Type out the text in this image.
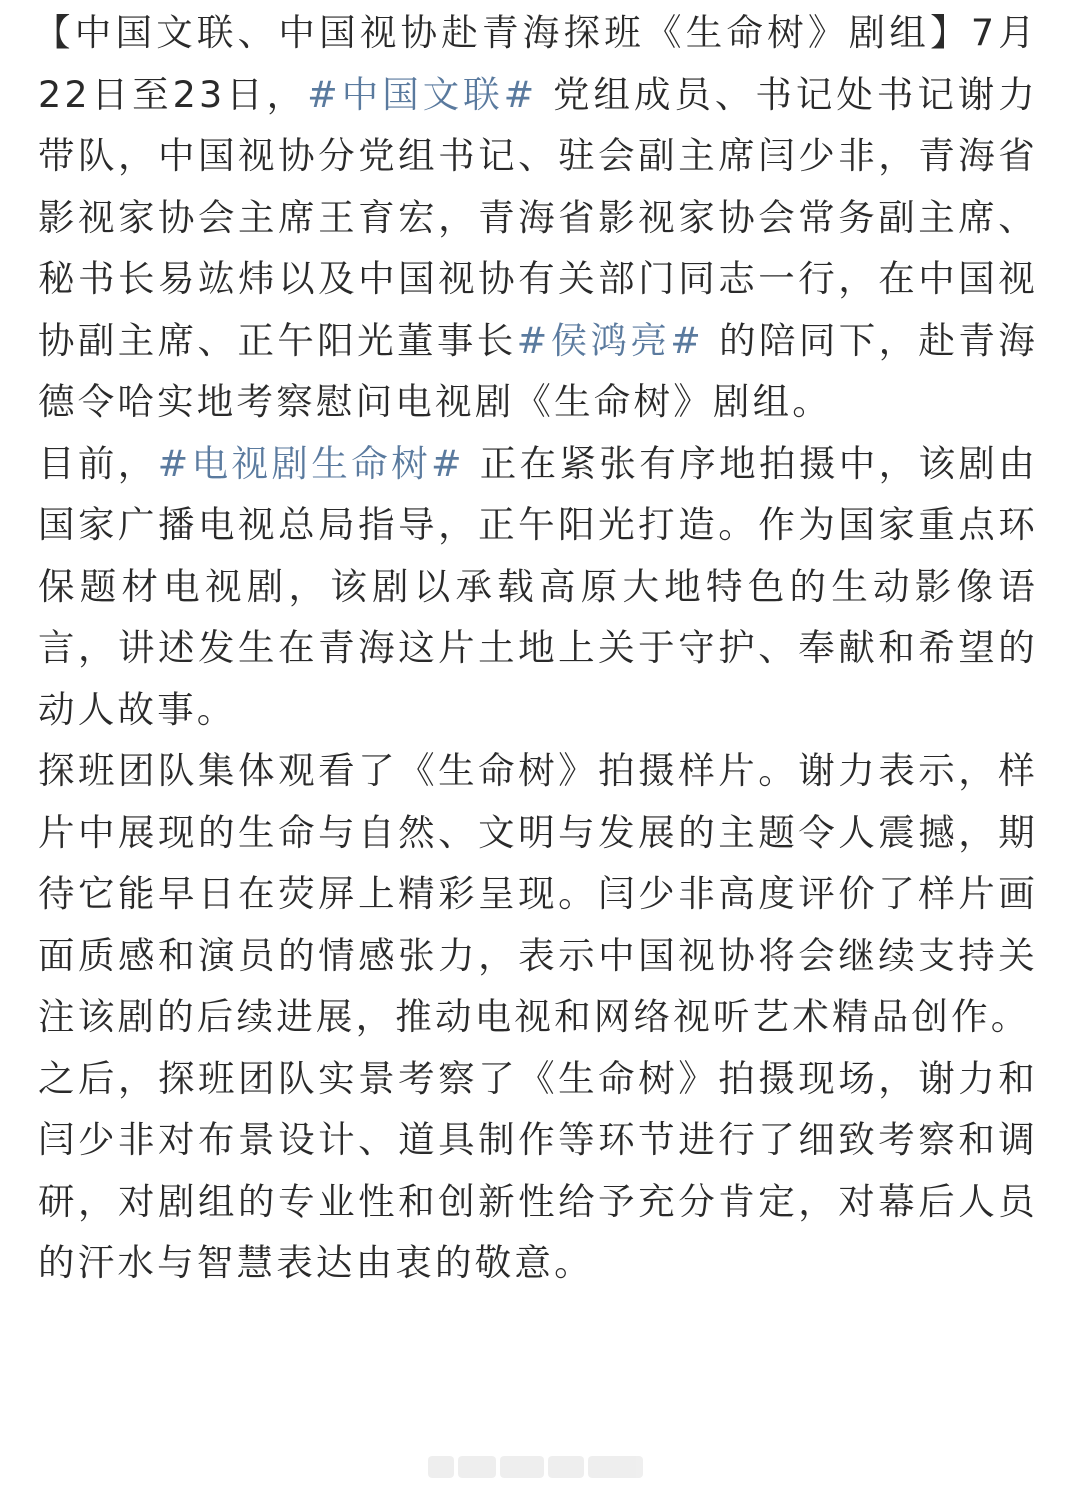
【中国文联、中国视协赴青海探班《生命树》剧组】7月22日至23日，#中国文联# 党组成员、书记处书记谢力带队，中国视协分党组书记、驻会副主席闫少非，青海省影视家协会主席王育宏，青海省影视家协会常务副主席、秘书长易竑炜以及中国视协有关部门同志一行，在中国视协副主席、正午阳光董事长#侯鸿亮# 的陪同下，赴青海德令哈实地考察慰问电视剧《生命树》剧组。

目前，#电视剧生命树# 正在紧张有序地拍摄中，该剧由国家广播电视总局指导，正午阳光打造。作为国家重点环保题材电视剧，该剧以承载高原大地特色的生动影像语言，讲述发生在青海这片土地上关于守护、奉献和希望的动人故事。

探班团队集体观看了《生命树》拍摄样片。谢力表示，样片中展现的生命与自然、文明与发展的主题令人震撼，期待它能早日在荧屏上精彩呈现。闫少非高度评价了样片画面质感和演员的情感张力，表示中国视协将会继续支持关注该剧的后续进展，推动电视和网络视听艺术精品创作。

之后，探班团队实景考察了《生命树》拍摄现场，谢力和闫少非对布景设计、道具制作等环节进行了细致考察和调研，对剧组的专业性和创新性给予充分肯定，对幕后人员的汗水与智慧表达由衷的敬意。
